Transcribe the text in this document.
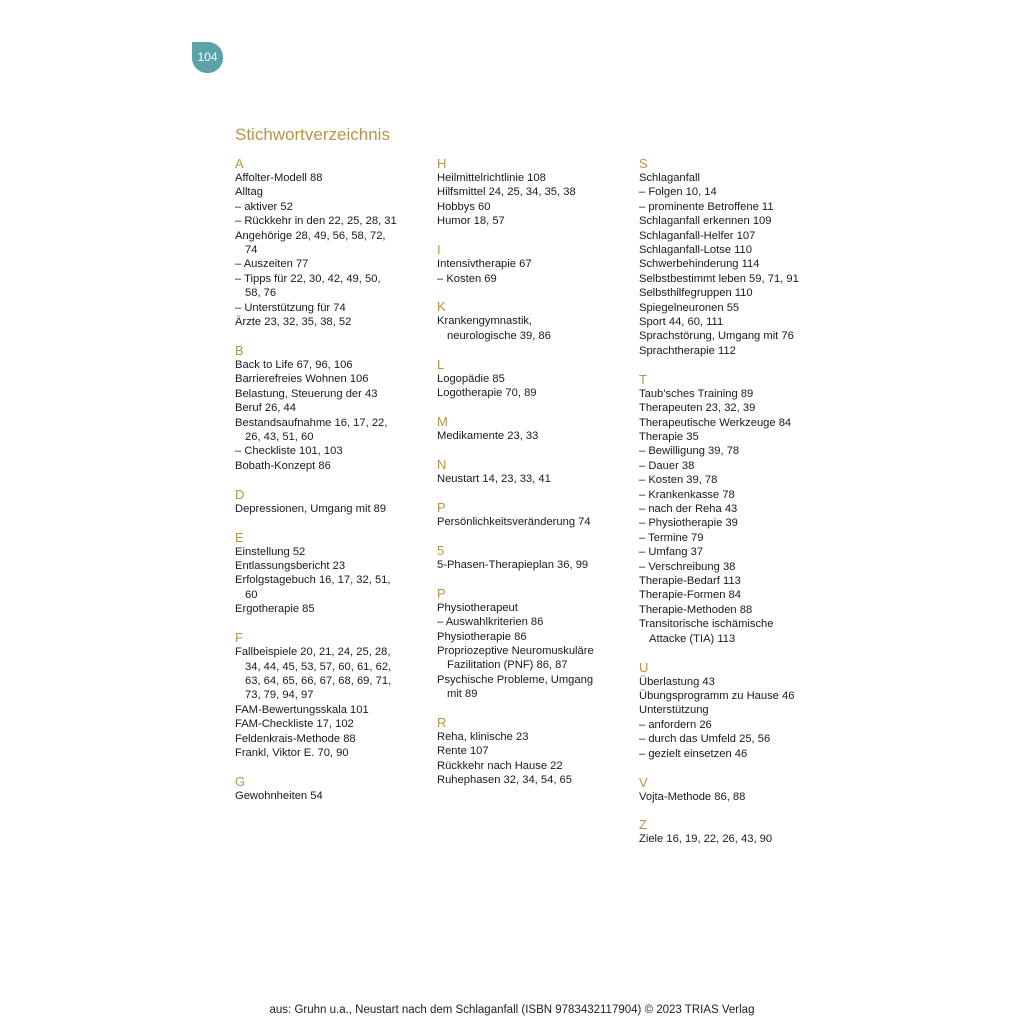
104
Stichwortverzeichnis
A
Affolter-Modell 88
Alltag
– aktiver 52
– Rückkehr in den 22, 25, 28, 31
Angehörige 28, 49, 56, 58, 72,
74
– Auszeiten 77
– Tipps für 22, 30, 42, 49, 50,
58, 76
– Unterstützung für 74
Ärzte 23, 32, 35, 38, 52
B
Back to Life 67, 96, 106
Barrierefreies Wohnen 106
Belastung, Steuerung der 43
Beruf 26, 44
Bestandsaufnahme 16, 17, 22,
26, 43, 51, 60
– Checkliste 101, 103
Bobath-Konzept 86
D
Depressionen, Umgang mit 89
E
Einstellung 52
Entlassungsbericht 23
Erfolgstagebuch 16, 17, 32, 51,
60
Ergotherapie 85
F
Fallbeispiele 20, 21, 24, 25, 28,
34, 44, 45, 53, 57, 60, 61, 62,
63, 64, 65, 66, 67, 68, 69, 71,
73, 79, 94, 97
FAM-Bewertungsskala 101
FAM-Checkliste 17, 102
Feldenkrais-Methode 88
Frankl, Viktor E. 70, 90
G
Gewohnheiten 54
H
Heilmittelrichtlinie 108
Hilfsmittel 24, 25, 34, 35, 38
Hobbys 60
Humor 18, 57
I
Intensivtherapie 67
– Kosten 69
K
Krankengymnastik,
neurologische 39, 86
L
Logopädie 85
Logotherapie 70, 89
M
Medikamente 23, 33
N
Neustart 14, 23, 33, 41
P
Persönlichkeitsveränderung 74
5
5-Phasen-Therapieplan 36, 99
P
Physiotherapeut
– Auswahlkriterien 86
Physiotherapie 86
Propriozeptive Neuromuskuläre
Fazilitation (PNF) 86, 87
Psychische Probleme, Umgang
mit 89
R
Reha, klinische 23
Rente 107
Rückkehr nach Hause 22
Ruhephasen 32, 34, 54, 65
S
Schlaganfall
– Folgen 10, 14
– prominente Betroffene 11
Schlaganfall erkennen 109
Schlaganfall-Helfer 107
Schlaganfall-Lotse 110
Schwerbehinderung 114
Selbstbestimmt leben 59, 71, 91
Selbsthilfegruppen 110
Spiegelneuronen 55
Sport 44, 60, 111
Sprachstörung, Umgang mit 76
Sprachtherapie 112
T
Taub’sches Training 89
Therapeuten 23, 32, 39
Therapeutische Werkzeuge 84
Therapie 35
– Bewilligung 39, 78
– Dauer 38
– Kosten 39, 78
– Krankenkasse 78
– nach der Reha 43
– Physiotherapie 39
– Termine 79
– Umfang 37
– Verschreibung 38
Therapie-Bedarf 113
Therapie-Formen 84
Therapie-Methoden 88
Transitorische ischämische
Attacke (TIA) 113
U
Überlastung 43
Übungsprogramm zu Hause 46
Unterstützung
– anfordern 26
– durch das Umfeld 25, 56
– gezielt einsetzen 46
V
Vojta-Methode 86, 88
Z
Ziele 16, 19, 22, 26, 43, 90
aus: Gruhn u.a., Neustart nach dem Schlaganfall (ISBN 9783432117904) © 2023 TRIAS Verlag
